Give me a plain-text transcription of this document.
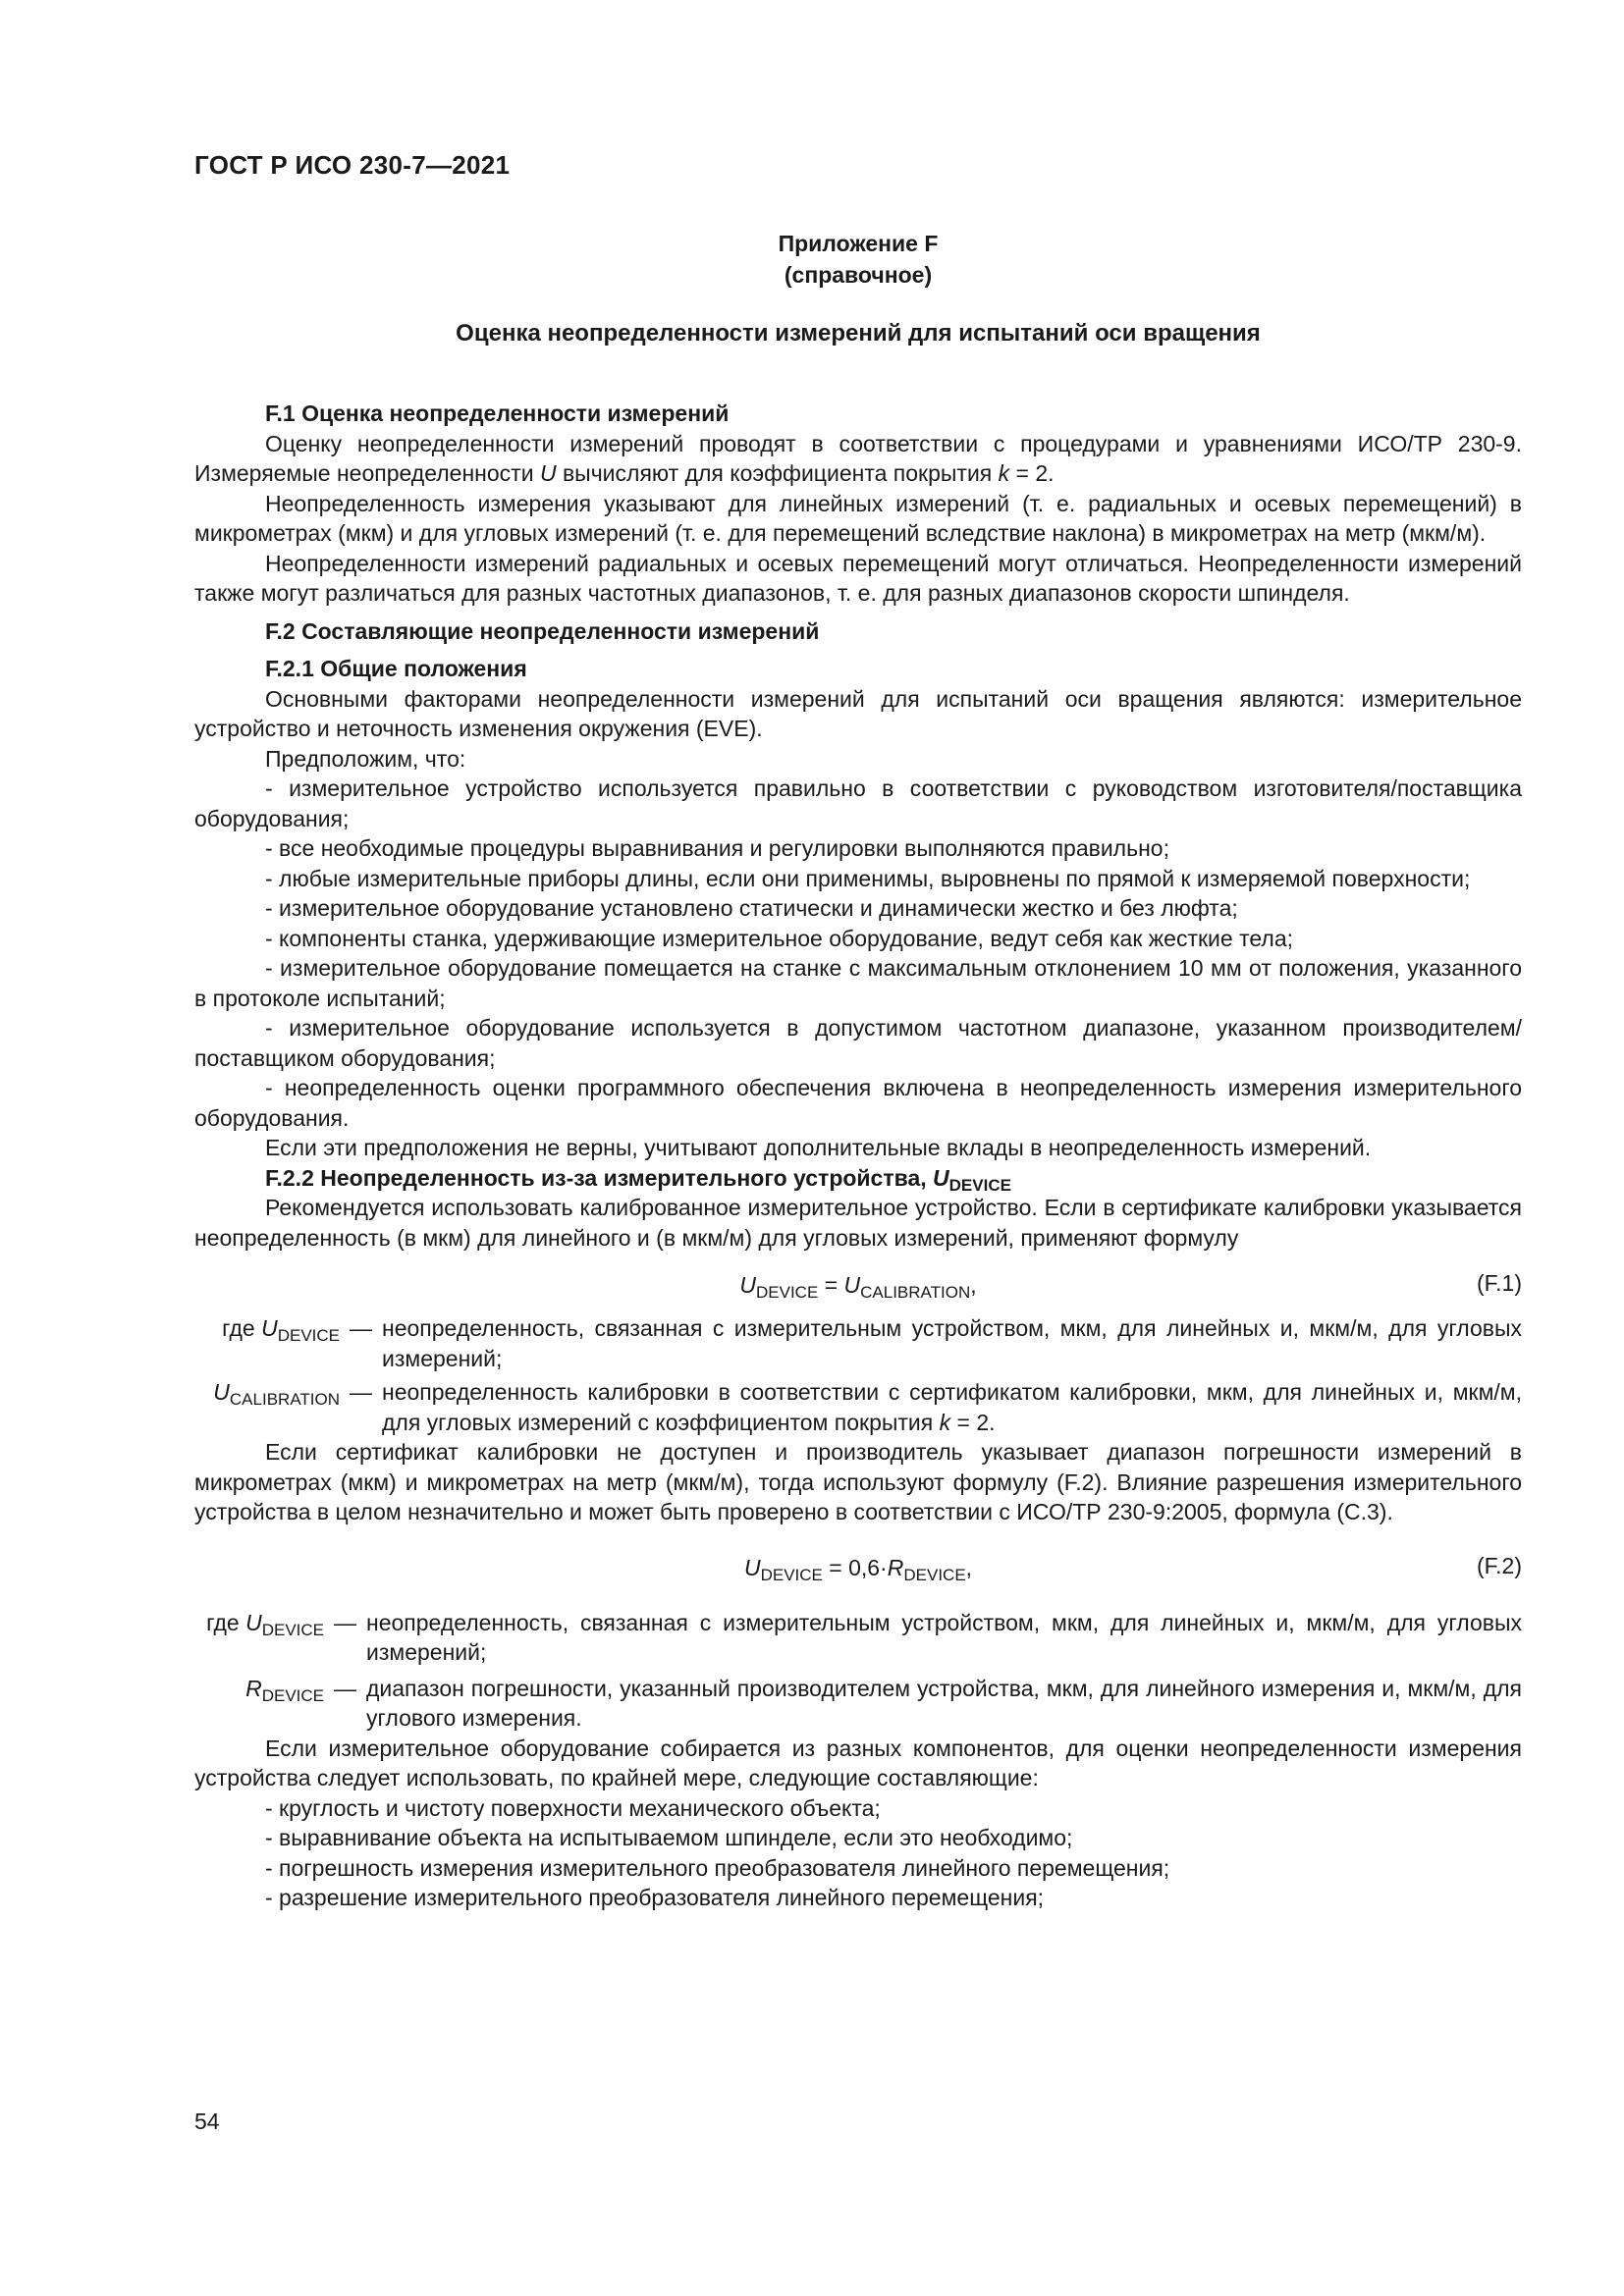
ГОСТ Р ИСО 230-7—2021
Приложение F
(справочное)
Оценка неопределенности измерений для испытаний оси вращения

F.1 Оценка неопределенности измерений

Оценку неопределенности измерений проводят в соответствии с процедурами и уравнениями ИСО/ТР 230-9. Измеряемые неопределенности U вычисляют для коэффициента покрытия k = 2.

Неопределенность измерения указывают для линейных измерений (т. е. радиальных и осевых перемещений) в микрометрах (мкм) и для угловых измерений (т. е. для перемещений вследствие наклона) в микрометрах на метр (мкм/м).

Неопределенности измерений радиальных и осевых перемещений могут отличаться. Неопределенности измерений также могут различаться для разных частотных диапазонов, т. е. для разных диапазонов скорости шпинделя.

F.2 Составляющие неопределенности измерений

F.2.1 Общие положения

Основными факторами неопределенности измерений для испытаний оси вращения являются: измерительное устройство и неточность изменения окружения (EVE).

Предположим, что:

- измерительное устройство используется правильно в соответствии с руководством изготовителя/поставщика оборудования;

- все необходимые процедуры выравнивания и регулировки выполняются правильно;

- любые измерительные приборы длины, если они применимы, выровнены по прямой к измеряемой поверхности;

- измерительное оборудование установлено статически и динамически жестко и без люфта;

- компоненты станка, удерживающие измерительное оборудование, ведут себя как жесткие тела;

- измерительное оборудование помещается на станке с максимальным отклонением 10 мм от положения, указанного в протоколе испытаний;

- измерительное оборудование используется в допустимом частотном диапазоне, указанном производителем/поставщиком оборудования;

- неопределенность оценки программного обеспечения включена в неопределенность измерения измерительного оборудования.

Если эти предположения не верны, учитывают дополнительные вклады в неопределенность измерений.

F.2.2 Неопределенность из-за измерительного устройства, $U_{DEVICE}$

Рекомендуется использовать калиброванное измерительное устройство. Если в сертификате калибровки указывается неопределенность (в мкм) для линейного и (в мкм/м) для угловых измерений, применяют формулу

$U_{DEVICE} = U_{CALIBRATION}$,	(F.1)
где $U_{DEVICE}$ — неопределенность, связанная с измерительным устройством, мкм, для линейных и, мкм/м, для угловых измерений;
$U_{CALIBRATION}$ — неопределенность калибровки в соответствии с сертификатом калибровки, мкм, для линейных и, мкм/м, для угловых измерений с коэффициентом покрытия k = 2.

Если сертификат калибровки не доступен и производитель указывает диапазон погрешности измерений в микрометрах (мкм) и микрометрах на метр (мкм/м), тогда используют формулу (F.2). Влияние разрешения измерительного устройства в целом незначительно и может быть проверено в соответствии с ИСО/ТР 230-9:2005, формула (C.3).

$U_{DEVICE} = 0,6\cdot R_{DEVICE}$,	(F.2)
где $U_{DEVICE}$ — неопределенность, связанная с измерительным устройством, мкм, для линейных и, мкм/м, для угловых измерений;
$R_{DEVICE}$ — диапазон погрешности, указанный производителем устройства, мкм, для линейного измерения и, мкм/м, для углового измерения.

Если измерительное оборудование собирается из разных компонентов, для оценки неопределенности измерения устройства следует использовать, по крайней мере, следующие составляющие:

- круглость и чистоту поверхности механического объекта;

- выравнивание объекта на испытываемом шпинделе, если это необходимо;

- погрешность измерения измерительного преобразователя линейного перемещения;

- разрешение измерительного преобразователя линейного перемещения;

54
